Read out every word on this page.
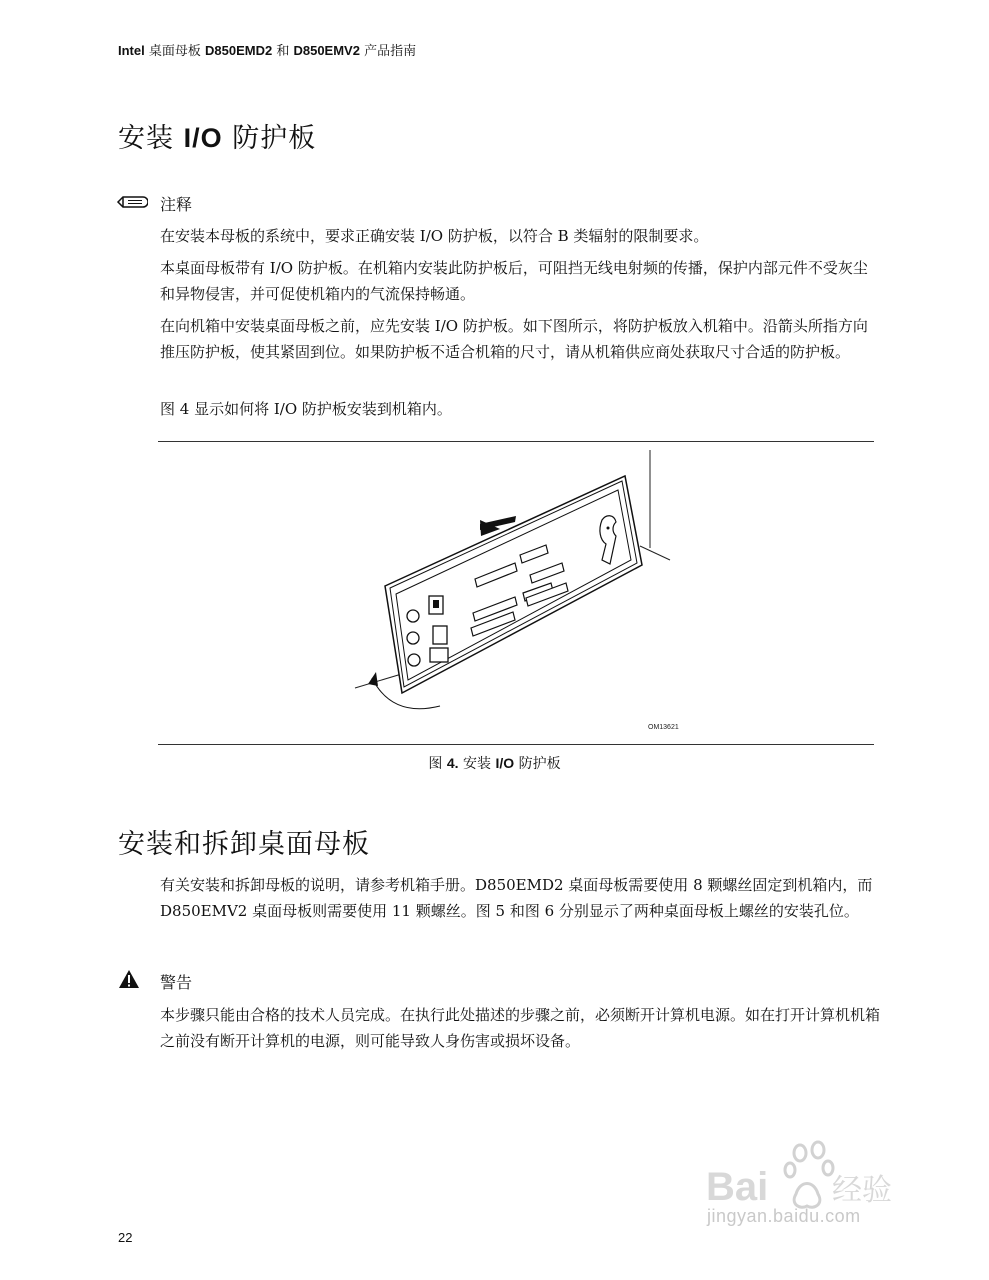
Intel 桌面母板 D850EMD2 和 D850EMV2 产品指南
安装 I/O 防护板
注释

在安装本母板的系统中，要求正确安装 I/O 防护板，以符合 B 类辐射的限制要求。

本桌面母板带有 I/O 防护板。在机箱内安装此防护板后，可阻挡无线电射频的传播，保护内部元件不受灰尘和异物侵害，并可促使机箱内的气流保持畅通。

在向机箱中安装桌面母板之前，应先安装 I/O 防护板。如下图所示，将防护板放入机箱中。沿箭头所指方向推压防护板，使其紧固到位。如果防护板不适合机箱的尺寸，请从机箱供应商处获取尺寸合适的防护板。

图 4 显示如何将 I/O 防护板安装到机箱内。

OM13621
图 4. 安装 I/O 防护板
安装和拆卸桌面母板

有关安装和拆卸母板的说明，请参考机箱手册。D850EMD2 桌面母板需要使用 8 颗螺丝固定到机箱内，而 D850EMV2 桌面母板则需要使用 11 颗螺丝。图 5 和图 6 分别显示了两种桌面母板上螺丝的安装孔位。

警告

本步骤只能由合格的技术人员完成。在执行此处描述的步骤之前，必须断开计算机电源。如在打开计算机机箱之前没有断开计算机的电源，则可能导致人身伤害或损坏设备。

Bai 经验
jingyan.baidu.com
22
